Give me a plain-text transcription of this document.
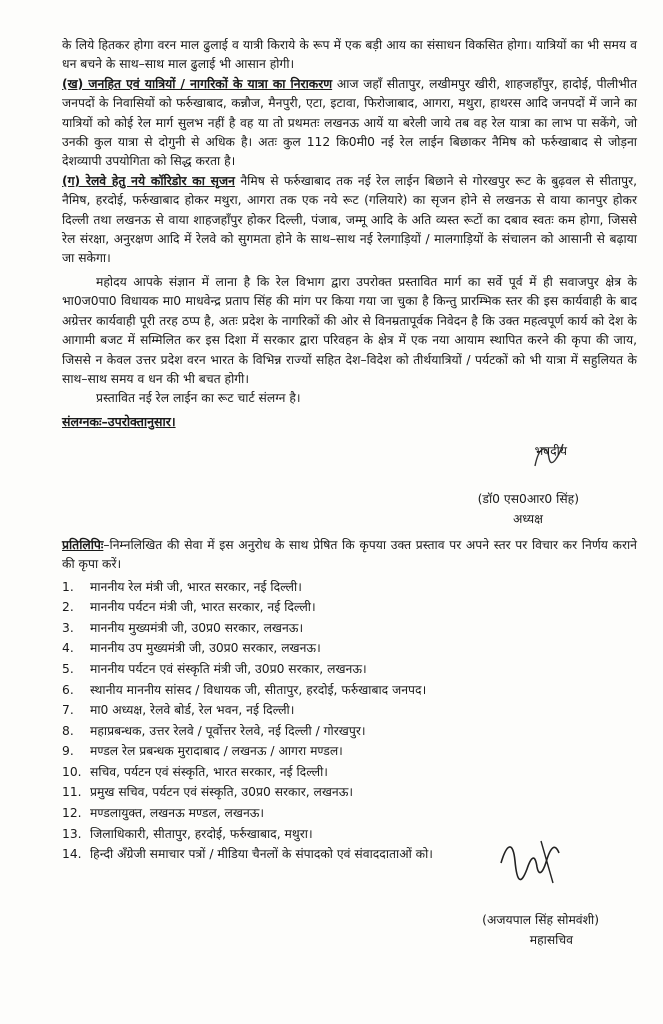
के लिये हितकर होगा वरन माल ढुलाई व यात्री किराये के रूप में एक बड़ी आय का संसाधन विकसित होगा। यात्रियों का भी समय व धन बचने के साथ–साथ माल ढुलाई भी आसान होगी।

(ख) जनहित एवं यात्रियों / नागरिकों के यात्रा का निराकरण आज जहाँ सीतापुर, लखीमपुर खीरी, शाहजहाँपुर, हादोई, पीलीभीत जनपदों के निवासियों को फर्रुखाबाद, कन्नौज, मैनपुरी, एटा, इटावा, फिरोजाबाद, आगरा, मथुरा, हाथरस आदि जनपदों में जाने का यात्रियों को कोई रेल मार्ग सुलभ नहीं है वह या तो प्रथमतः लखनऊ आयें या बरेली जाये तब वह रेल यात्रा का लाभ पा सकेंगे, जो उनकी कुल यात्रा से दोगुनी से अधिक है। अतः कुल 112 कि0मी0 नई रेल लाईन बिछाकर नैमिष को फर्रुखाबाद से जोड़ना देशव्यापी उपयोगिता को सिद्ध करता है।

(ग) रेलवे हेतु नये कॉरिडोर का सृजन नैमिष से फर्रुखाबाद तक नई रेल लाईन बिछाने से गोरखपुर रूट के बुढ़वल से सीतापुर, नैमिष, हरदोई, फर्रुखाबाद होकर मथुरा, आगरा तक एक नये रूट (गलियारे) का सृजन होने से लखनऊ से वाया कानपुर होकर दिल्ली तथा लखनऊ से वाया शाहजहाँपुर होकर दिल्ली, पंजाब, जम्मू आदि के अति व्यस्त रूटों का दबाव स्वतः कम होगा, जिससे रेल संरक्षा, अनुरक्षण आदि में रेलवे को सुगमता होने के साथ–साथ नई रेलगाड़ियों / मालगाड़ियों के संचालन को आसानी से बढ़ाया जा सकेगा।

महोदय आपके संज्ञान में लाना है कि रेल विभाग द्वारा उपरोक्त प्रस्तावित मार्ग का सर्वे पूर्व में ही सवाजपुर क्षेत्र के भा0ज0पा0 विधायक मा0 माधवेन्द्र प्रताप सिंह की मांग पर किया गया जा चुका है किन्तु प्रारम्भिक स्तर की इस कार्यवाही के बाद अग्रेत्तर कार्यवाही पूरी तरह ठप्प है, अतः प्रदेश के नागरिकों की ओर से विनम्रतापूर्वक निवेदन है कि उक्त महत्वपूर्ण कार्य को देश के आगामी बजट में सम्मिलित कर इस दिशा में सरकार द्वारा परिवहन के क्षेत्र में एक नया आयाम स्थापित करने की कृपा की जाय, जिससे न केवल उत्तर प्रदेश वरन भारत के विभिन्न राज्यों सहित देश–विदेश को तीर्थयात्रियों / पर्यटकों को भी यात्रा में सहुलियत के साथ–साथ समय व धन की भी बचत होगी।

प्रस्तावित नई रेल लाईन का रूट चार्ट संलग्न है।

संलग्नकः–उपरोक्तानुसार।

भवदीय
(डॉ0 एस0आर0 सिंह)
अध्यक्ष

प्रतिलिपिः–निम्नलिखित की सेवा में इस अनुरोध के साथ प्रेषित कि कृपया उक्त प्रस्ताव पर अपने स्तर पर विचार कर निर्णय कराने की कृपा करें।

1.	माननीय रेल मंत्री जी, भारत सरकार, नई दिल्ली।
2.	माननीय पर्यटन मंत्री जी, भारत सरकार, नई दिल्ली।
3.	माननीय मुख्यमंत्री जी, उ0प्र0 सरकार, लखनऊ।
4.	माननीय उप मुख्यमंत्री जी, उ0प्र0 सरकार, लखनऊ।
5.	माननीय पर्यटन एवं संस्कृति मंत्री जी, उ0प्र0 सरकार, लखनऊ।
6.	स्थानीय माननीय सांसद / विधायक जी, सीतापुर, हरदोई, फर्रुखाबाद जनपद।
7.	मा0 अध्यक्ष, रेलवे बोर्ड, रेल भवन, नई दिल्ली।
8.	महाप्रबन्धक, उत्तर रेलवे / पूर्वोत्तर रेलवे, नई दिल्ली / गोरखपुर।
9.	मण्डल रेल प्रबन्धक मुरादाबाद / लखनऊ / आगरा मण्डल।
10. सचिव, पर्यटन एवं संस्कृति, भारत सरकार, नई दिल्ली।
11. प्रमुख सचिव, पर्यटन एवं संस्कृति, उ0प्र0 सरकार, लखनऊ।
12. मण्डलायुक्त, लखनऊ मण्डल, लखनऊ।
13. जिलाधिकारी, सीतापुर, हरदोई, फर्रुखाबाद, मथुरा।
14. हिन्दी अँग्रेजी समाचार पत्रों / मीडिया चैनलों के संपादको एवं संवाददाताओं को।
(अजयपाल सिंह सोमवंशी)
महासचिव
